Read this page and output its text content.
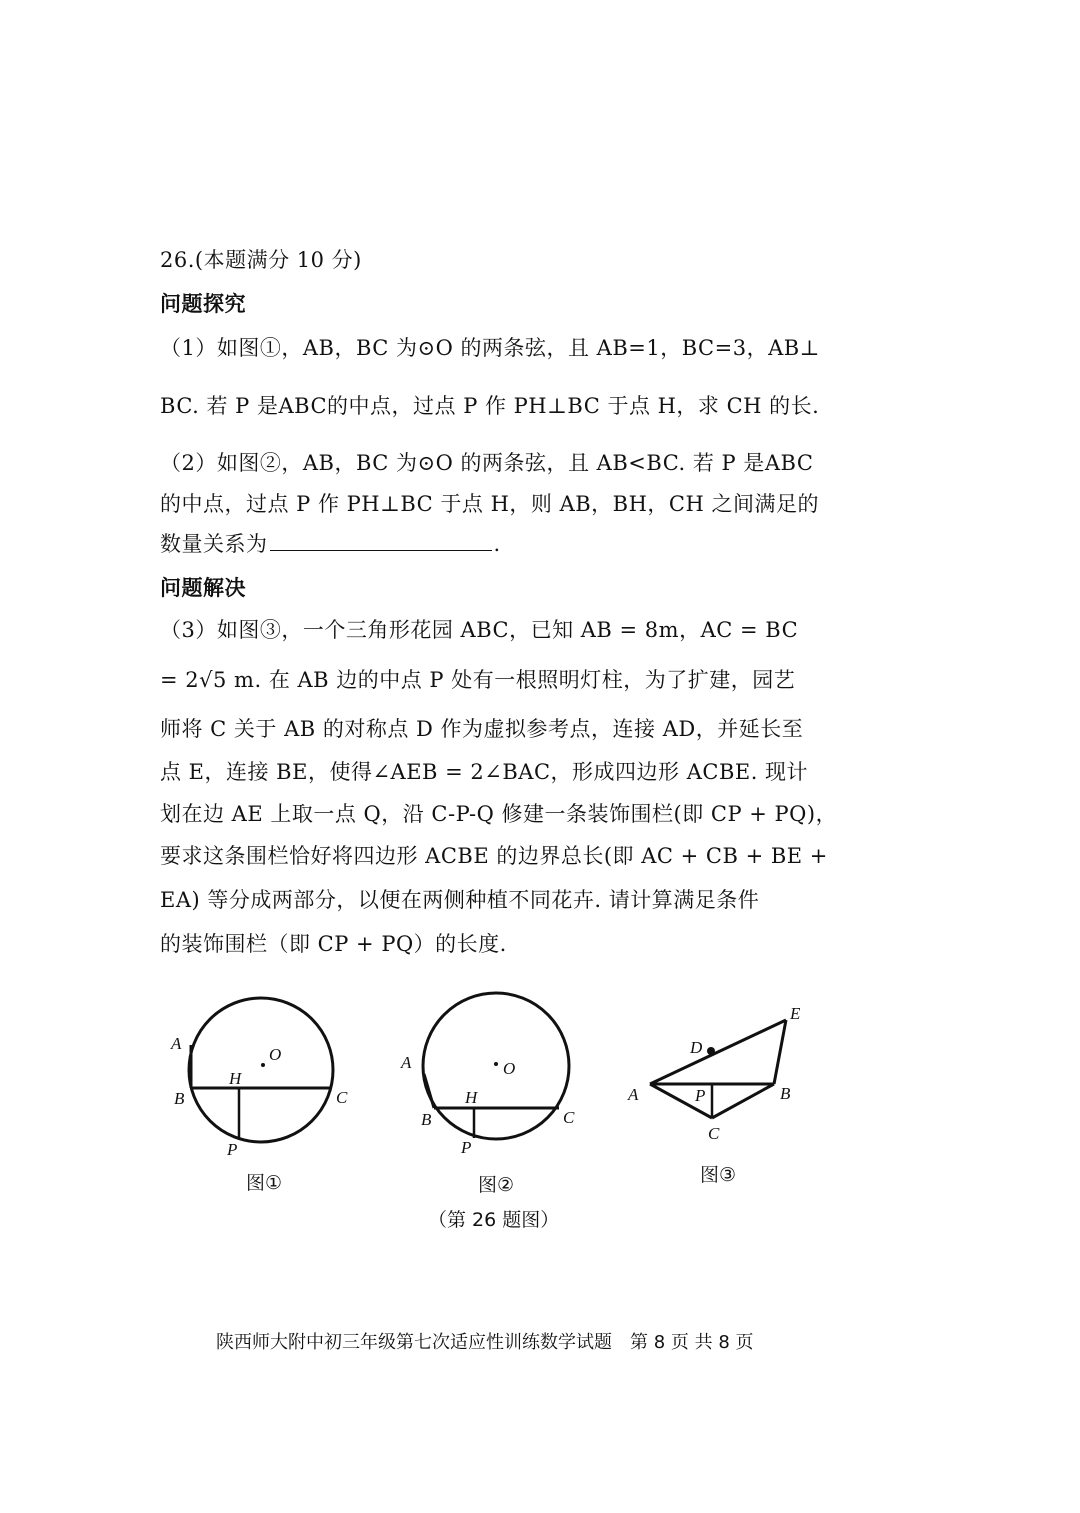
26.(本题满分 10 分)
问题探究
（1）如图①，AB，BC 为⊙O 的两条弦，且 AB=1，BC=3，AB⊥
BC. 若 P 是ABC的中点，过点 P 作 PH⊥BC 于点 H，求 CH 的长.
（2）如图②，AB，BC 为⊙O 的两条弦，且 AB<BC. 若 P 是ABC
的中点，过点 P 作 PH⊥BC 于点 H，则 AB，BH，CH 之间满足的
数量关系为	.
问题解决
（3）如图③，一个三角形花园 ABC，已知 AB = 8m，AC = BC
= 2√5 m. 在 AB 边的中点 P 处有一根照明灯柱，为了扩建，园艺
师将 C 关于 AB 的对称点 D 作为虚拟参考点，连接 AD，并延长至
点 E，连接 BE，使得∠AEB = 2∠BAC，形成四边形 ACBE. 现计
划在边 AE 上取一点 Q，沿 C-P-Q 修建一条装饰围栏(即 CP + PQ)，
要求这条围栏恰好将四边形 ACBE 的边界总长(即 AC + CB + BE +
EA) 等分成两部分，以便在两侧种植不同花卉. 请计算满足条件
的装饰围栏（即 CP + PQ）的长度.
A
B	C
H
O
P
A
B	C
H
O
P
A	B
C
D
E
P
图①	图②	图③
（第 26 题图）
陕西师大附中初三年级第七次适应性训练数学试题　第 8 页 共 8 页
